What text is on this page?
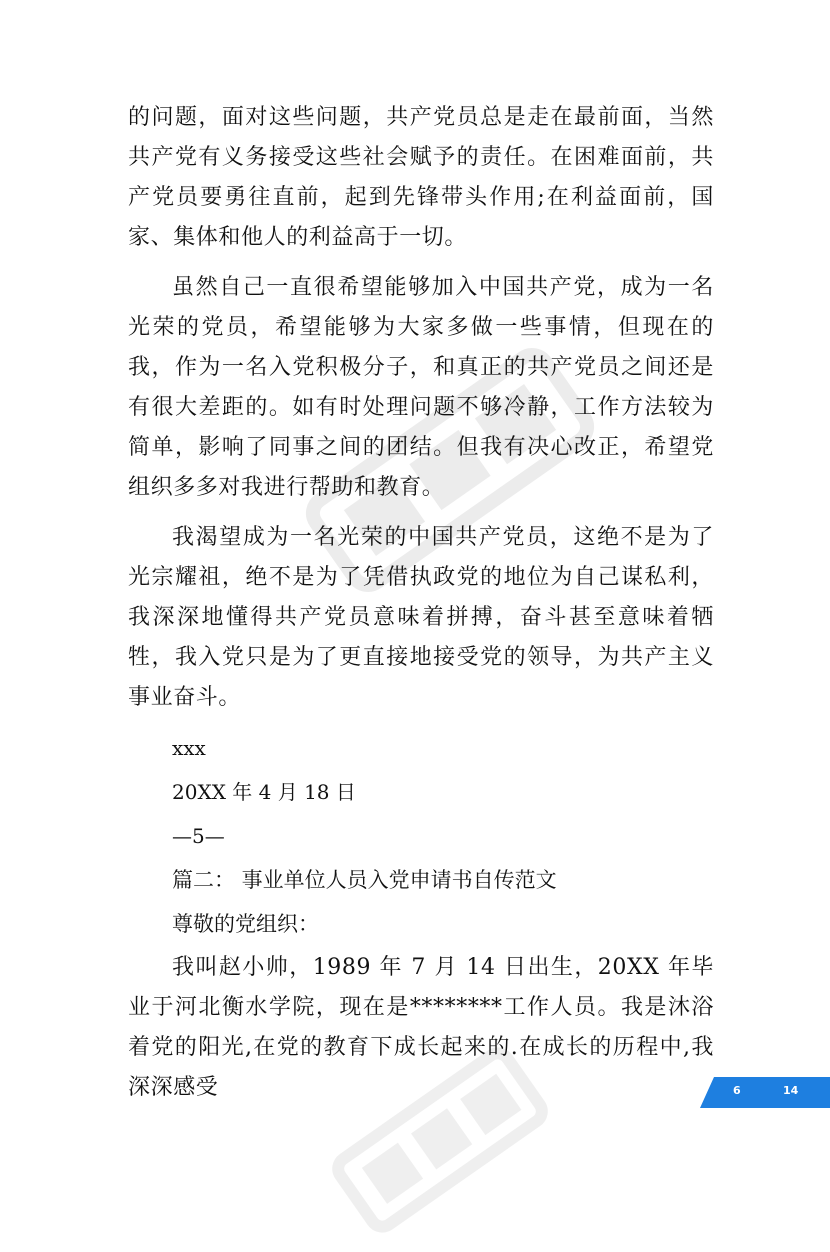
的问题，面对这些问题，共产党员总是走在最前面，当然共产党有义务接受这些社会赋予的责任。在困难面前，共产党员要勇往直前，起到先锋带头作用;在利益面前，国家、集体和他人的利益高于一切。

虽然自己一直很希望能够加入中国共产党，成为一名光荣的党员，希望能够为大家多做一些事情，但现在的我，作为一名入党积极分子，和真正的共产党员之间还是有很大差距的。如有时处理问题不够冷静，工作方法较为简单，影响了同事之间的团结。但我有决心改正，希望党组织多多对我进行帮助和教育。

我渴望成为一名光荣的中国共产党员，这绝不是为了光宗耀祖，绝不是为了凭借执政党的地位为自己谋私利，我深深地懂得共产党员意味着拼搏，奋斗甚至意味着牺牲，我入党只是为了更直接地接受党的领导，为共产主义事业奋斗。

xxx

20XX 年 4 月 18 日

—5—

篇二： 事业单位人员入党申请书自传范文

尊敬的党组织：

我叫赵小帅，1989 年 7 月 14 日出生，20XX 年毕业于河北衡水学院，现在是********工作人员。我是沐浴着党的阳光,在党的教育下成长起来的.在成长的历程中,我深深感受	6	14
